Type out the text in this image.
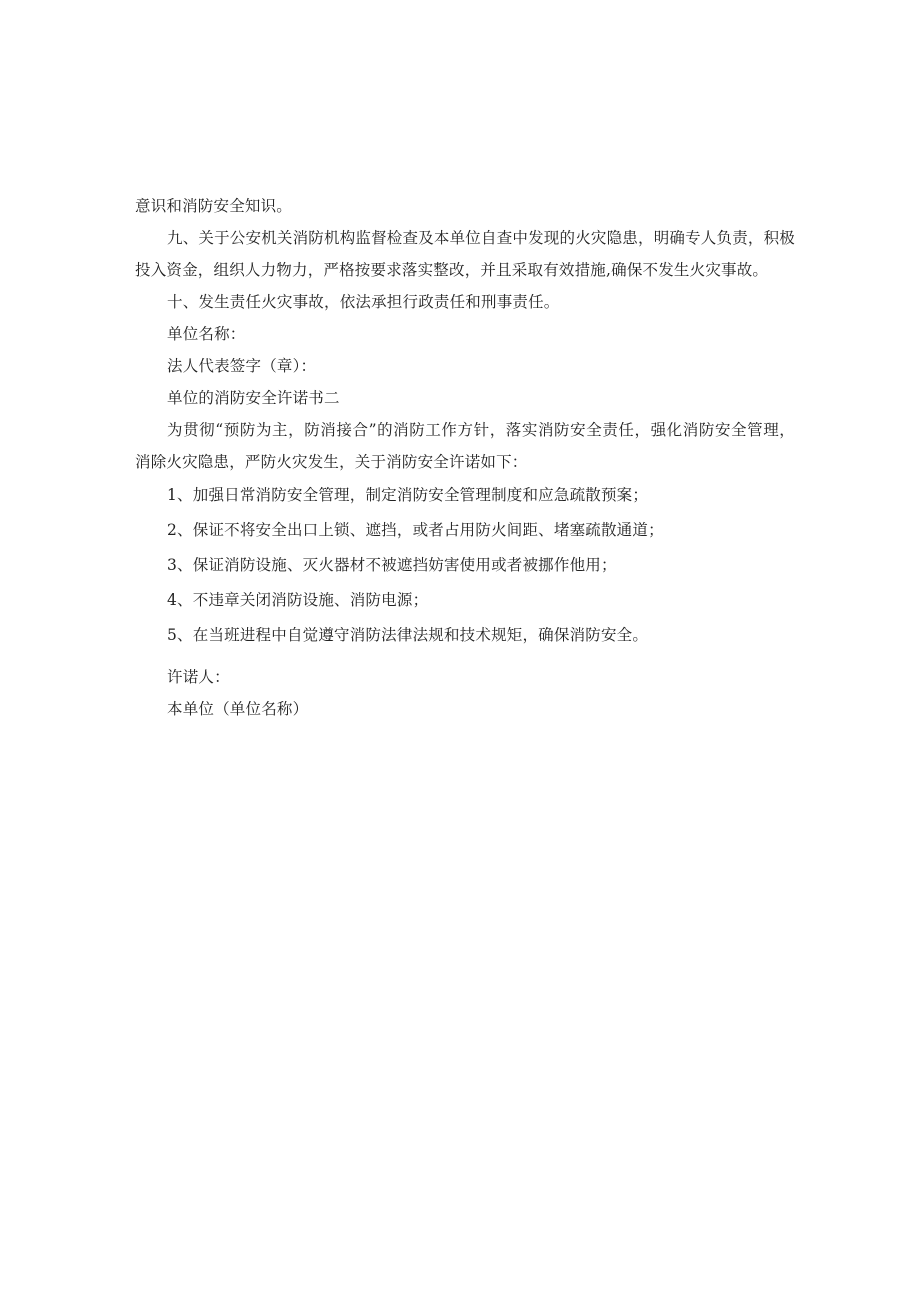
意识和消防安全知识。

九、关于公安机关消防机构监督检查及本单位自查中发现的火灾隐患，明确专人负责，积极投入资金，组织人力物力，严格按要求落实整改，并且采取有效措施,确保不发生火灾事故。

十、发生责任火灾事故，依法承担行政责任和刑事责任。

单位名称：

法人代表签字（章）：

单位的消防安全许诺书二

为贯彻“预防为主，防消接合”的消防工作方针，落实消防安全责任，强化消防安全管理，消除火灾隐患，严防火灾发生，关于消防安全许诺如下：

1、加强日常消防安全管理，制定消防安全管理制度和应急疏散预案；

2、保证不将安全出口上锁、遮挡，或者占用防火间距、堵塞疏散通道；

3、保证消防设施、灭火器材不被遮挡妨害使用或者被挪作他用；

4、不违章关闭消防设施、消防电源；

5、在当班进程中自觉遵守消防法律法规和技术规矩，确保消防安全。

许诺人：

本单位（单位名称）
